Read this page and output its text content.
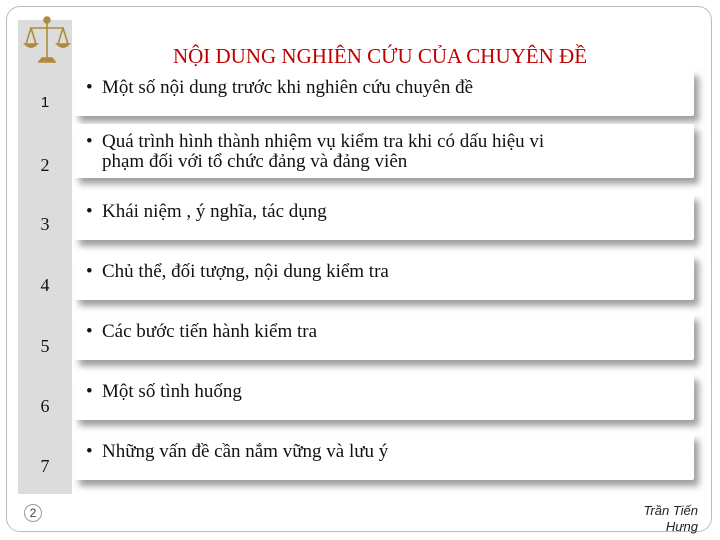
NỘI DUNG NGHIÊN CỨU CỦA CHUYÊN ĐỀ
1
• Một số nội dung trước khi nghiên cứu chuyên đề
2
• Quá trình hình thành nhiệm vụ kiểm tra khi có dấu hiệu vi
phạm đối với tổ chức đảng và đảng viên
3
• Khái niệm , ý nghĩa, tác dụng
4
• Chủ thể, đối tượng, nội dung kiểm tra
5
• Các bước tiến hành kiểm tra
6
• Một số tình huống
7
• Những vấn đề cần nắm vững và lưu ý
2	Trần Tiến
Hưng
